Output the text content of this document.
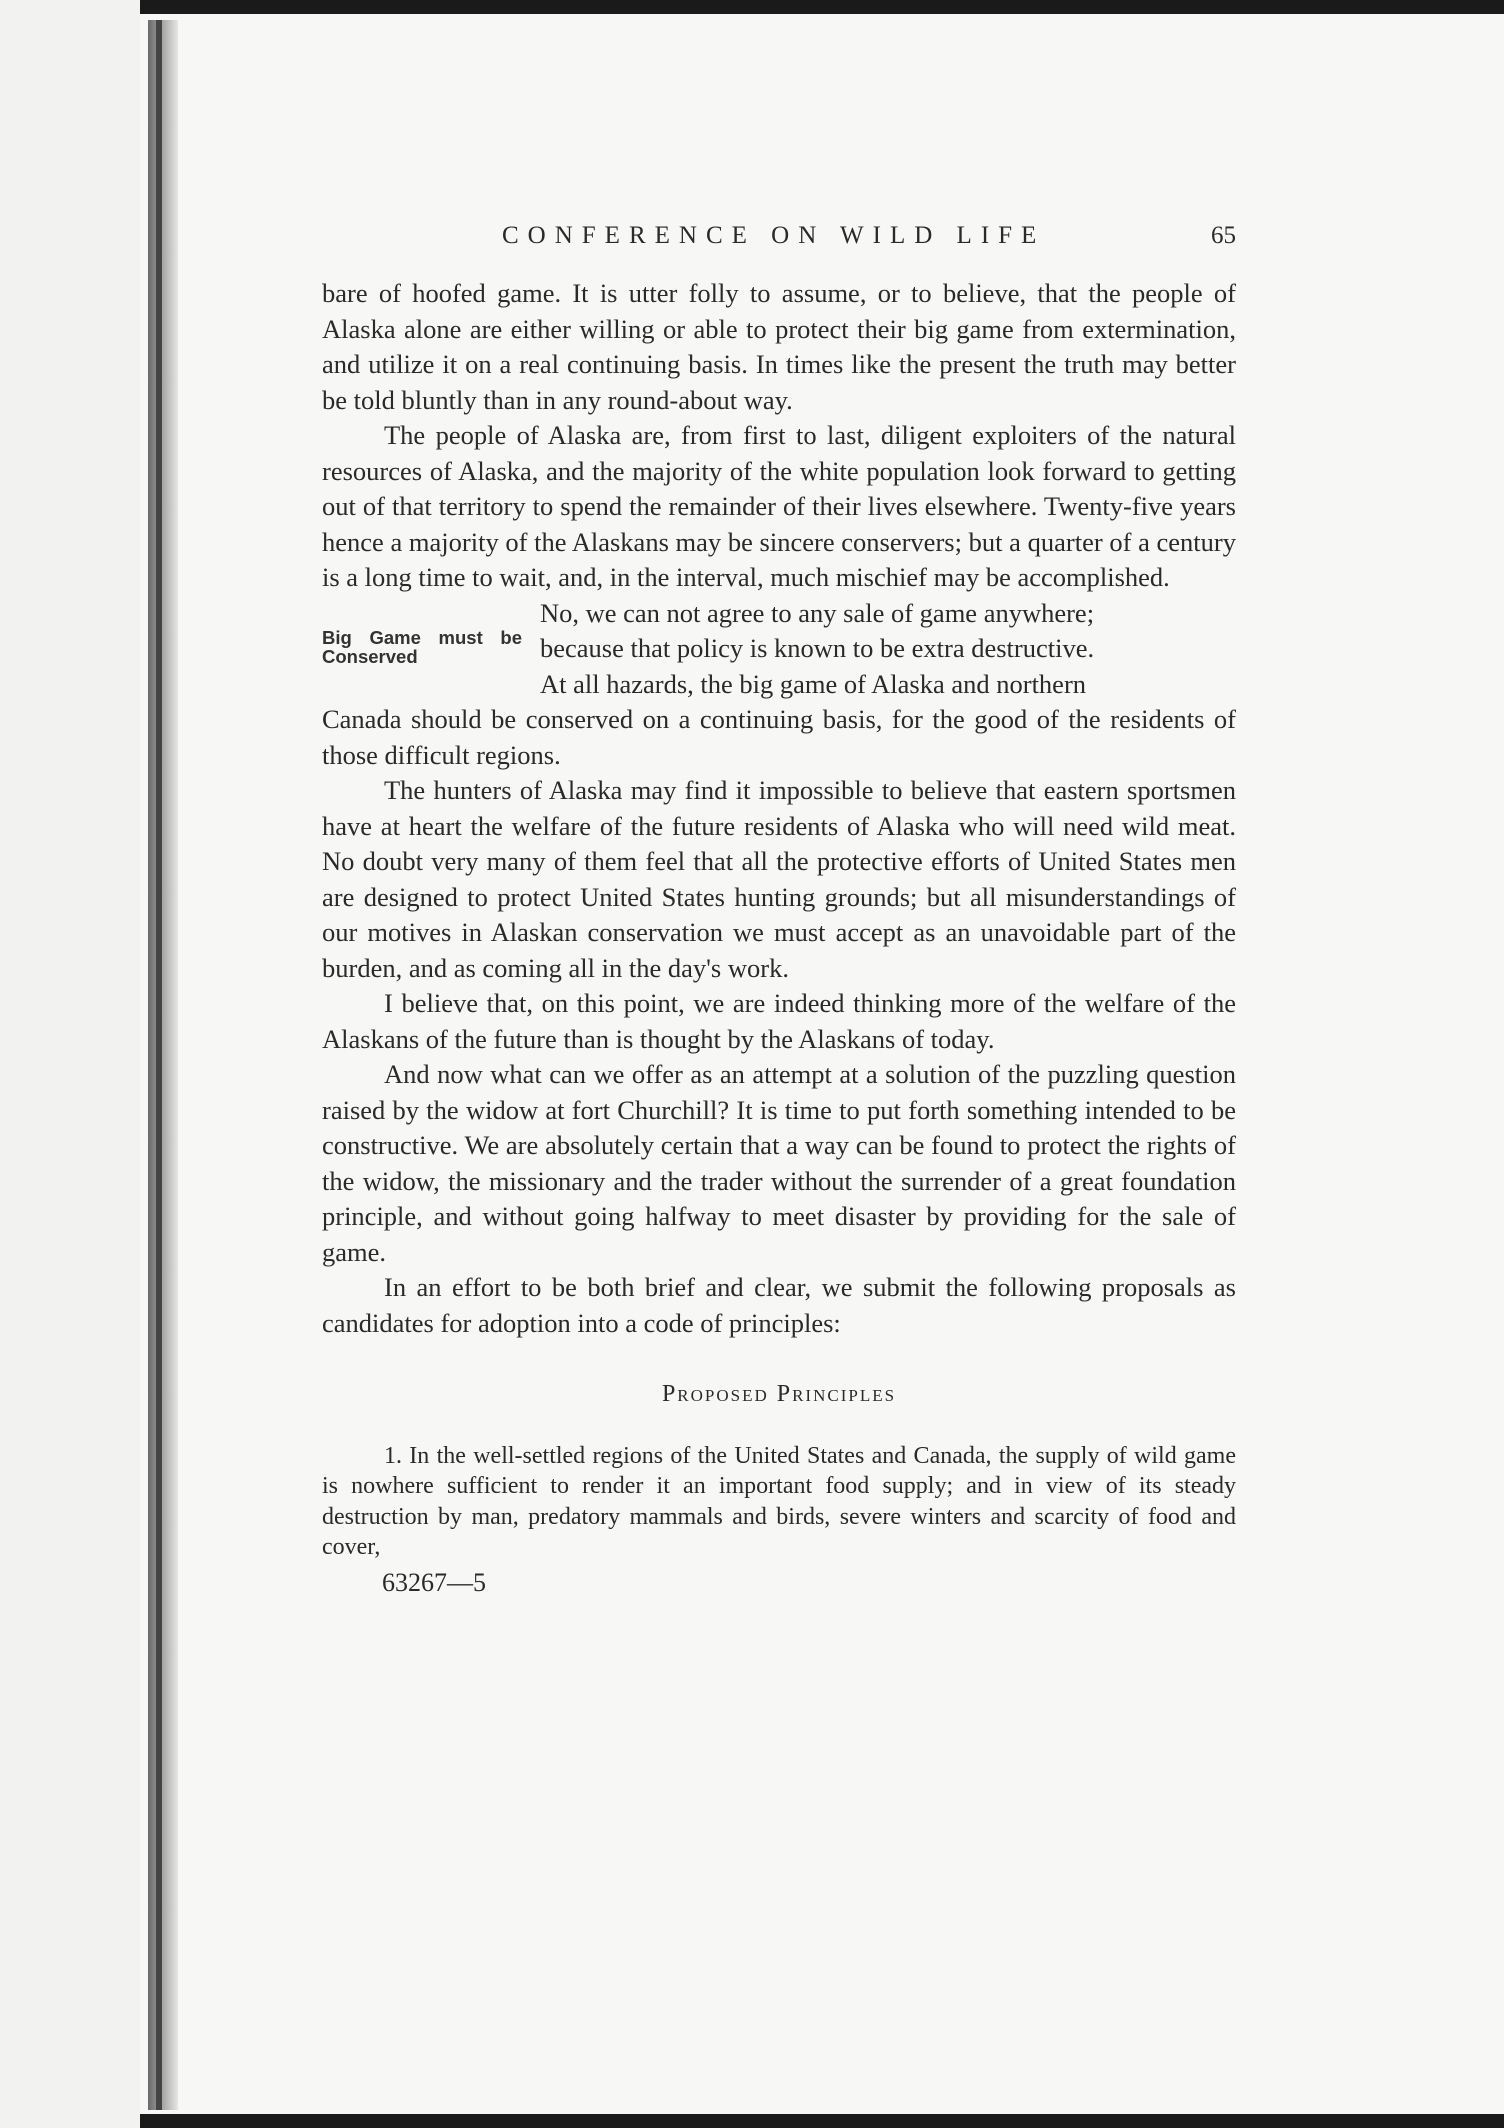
CONFERENCE ON WILD LIFE	65

bare of hoofed game. It is utter folly to assume, or to believe, that the people of Alaska alone are either willing or able to protect their big game from extermination, and utilize it on a real continuing basis. In times like the present the truth may better be told bluntly than in any round-about way.

The people of Alaska are, from first to last, diligent exploiters of the natural resources of Alaska, and the majority of the white population look forward to getting out of that territory to spend the remainder of their lives elsewhere. Twenty-five years hence a majority of the Alaskans may be sincere conservers; but a quarter of a century is a long time to wait, and, in the interval, much mischief may be accomplished.

Big Game must be Conserved
No, we can not agree to any sale of game anywhere;
because that policy is known to be extra destructive.
At all hazards, the big game of Alaska and northern

Canada should be conserved on a continuing basis, for the good of the residents of those difficult regions.

The hunters of Alaska may find it impossible to believe that eastern sportsmen have at heart the welfare of the future residents of Alaska who will need wild meat. No doubt very many of them feel that all the protective efforts of United States men are designed to protect United States hunting grounds; but all misunderstandings of our motives in Alaskan conservation we must accept as an unavoidable part of the burden, and as coming all in the day's work.

I believe that, on this point, we are indeed thinking more of the welfare of the Alaskans of the future than is thought by the Alaskans of today.

And now what can we offer as an attempt at a solution of the puzzling question raised by the widow at fort Churchill? It is time to put forth something intended to be constructive. We are absolutely certain that a way can be found to protect the rights of the widow, the missionary and the trader without the surrender of a great foundation principle, and without going halfway to meet disaster by providing for the sale of game.

In an effort to be both brief and clear, we submit the following proposals as candidates for adoption into a code of principles:

Proposed Principles

1. In the well-settled regions of the United States and Canada, the supply of wild game is nowhere sufficient to render it an important food supply; and in view of its steady destruction by man, predatory mammals and birds, severe winters and scarcity of food and cover,

63267—5
